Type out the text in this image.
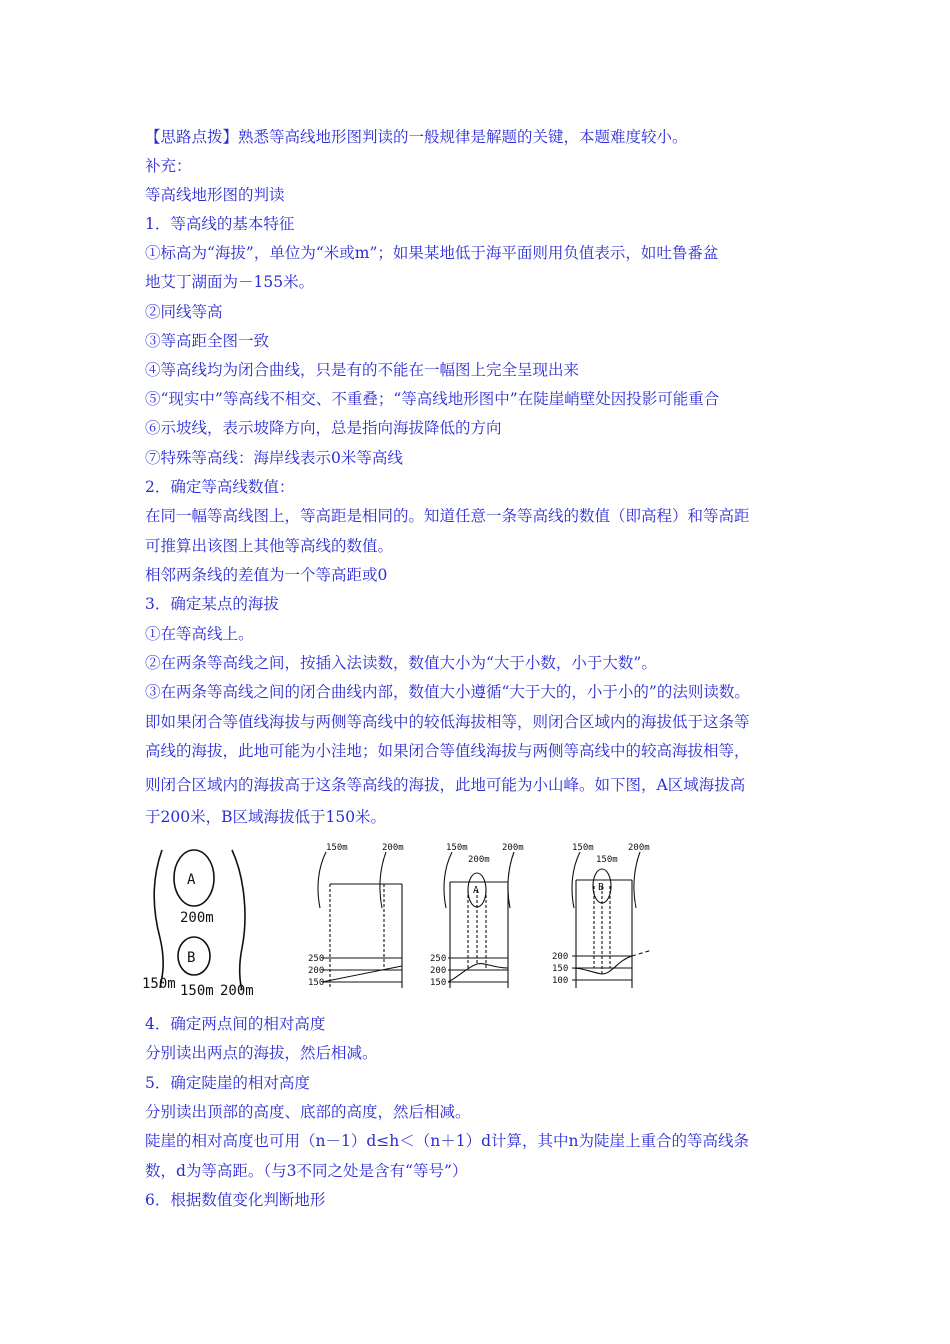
【思路点拨】熟悉等高线地形图判读的一般规律是解题的关键，本题难度较小。
补充：
等高线地形图的判读
1．等高线的基本特征
①标高为“海拔”，单位为“米或m”；如果某地低于海平面则用负值表示，如吐鲁番盆
地艾丁湖面为－155米。
②同线等高
③等高距全图一致
④等高线均为闭合曲线，只是有的不能在一幅图上完全呈现出来
⑤“现实中”等高线不相交、不重叠；“等高线地形图中”在陡崖峭壁处因投影可能重合
⑥示坡线，表示坡降方向，总是指向海拔降低的方向
⑦特殊等高线：海岸线表示0米等高线
2．确定等高线数值：
在同一幅等高线图上，等高距是相同的。知道任意一条等高线的数值（即高程）和等高距
可推算出该图上其他等高线的数值。
相邻两条线的差值为一个等高距或0
3．确定某点的海拔
①在等高线上。
②在两条等高线之间，按插入法读数，数值大小为“大于小数，小于大数”。
③在两条等高线之间的闭合曲线内部，数值大小遵循“大于大的，小于小的”的法则读数。
即如果闭合等值线海拔与两侧等高线中的较低海拔相等，则闭合区域内的海拔低于这条等
高线的海拔，此地可能为小洼地；如果闭合等值线海拔与两侧等高线中的较高海拔相等，
则闭合区域内的海拔高于这条等高线的海拔，此地可能为小山峰。如下图，A区域海拔高
于200米，B区域海拔低于150米。
A
200m
B
150m 150m 200m
150m	200m
250
200
150
150m
200m
200m
A
250
200
150
150m
150m
200m
B
200
150
100
4．确定两点间的相对高度
分别读出两点的海拔，然后相减。
5．确定陡崖的相对高度
分别读出顶部的高度、底部的高度，然后相减。
陡崖的相对高度也可用（n－1）d≤h＜（n＋1）d计算，其中n为陡崖上重合的等高线条
数，d为等高距。（与3不同之处是含有“等号”）
6．根据数值变化判断地形
